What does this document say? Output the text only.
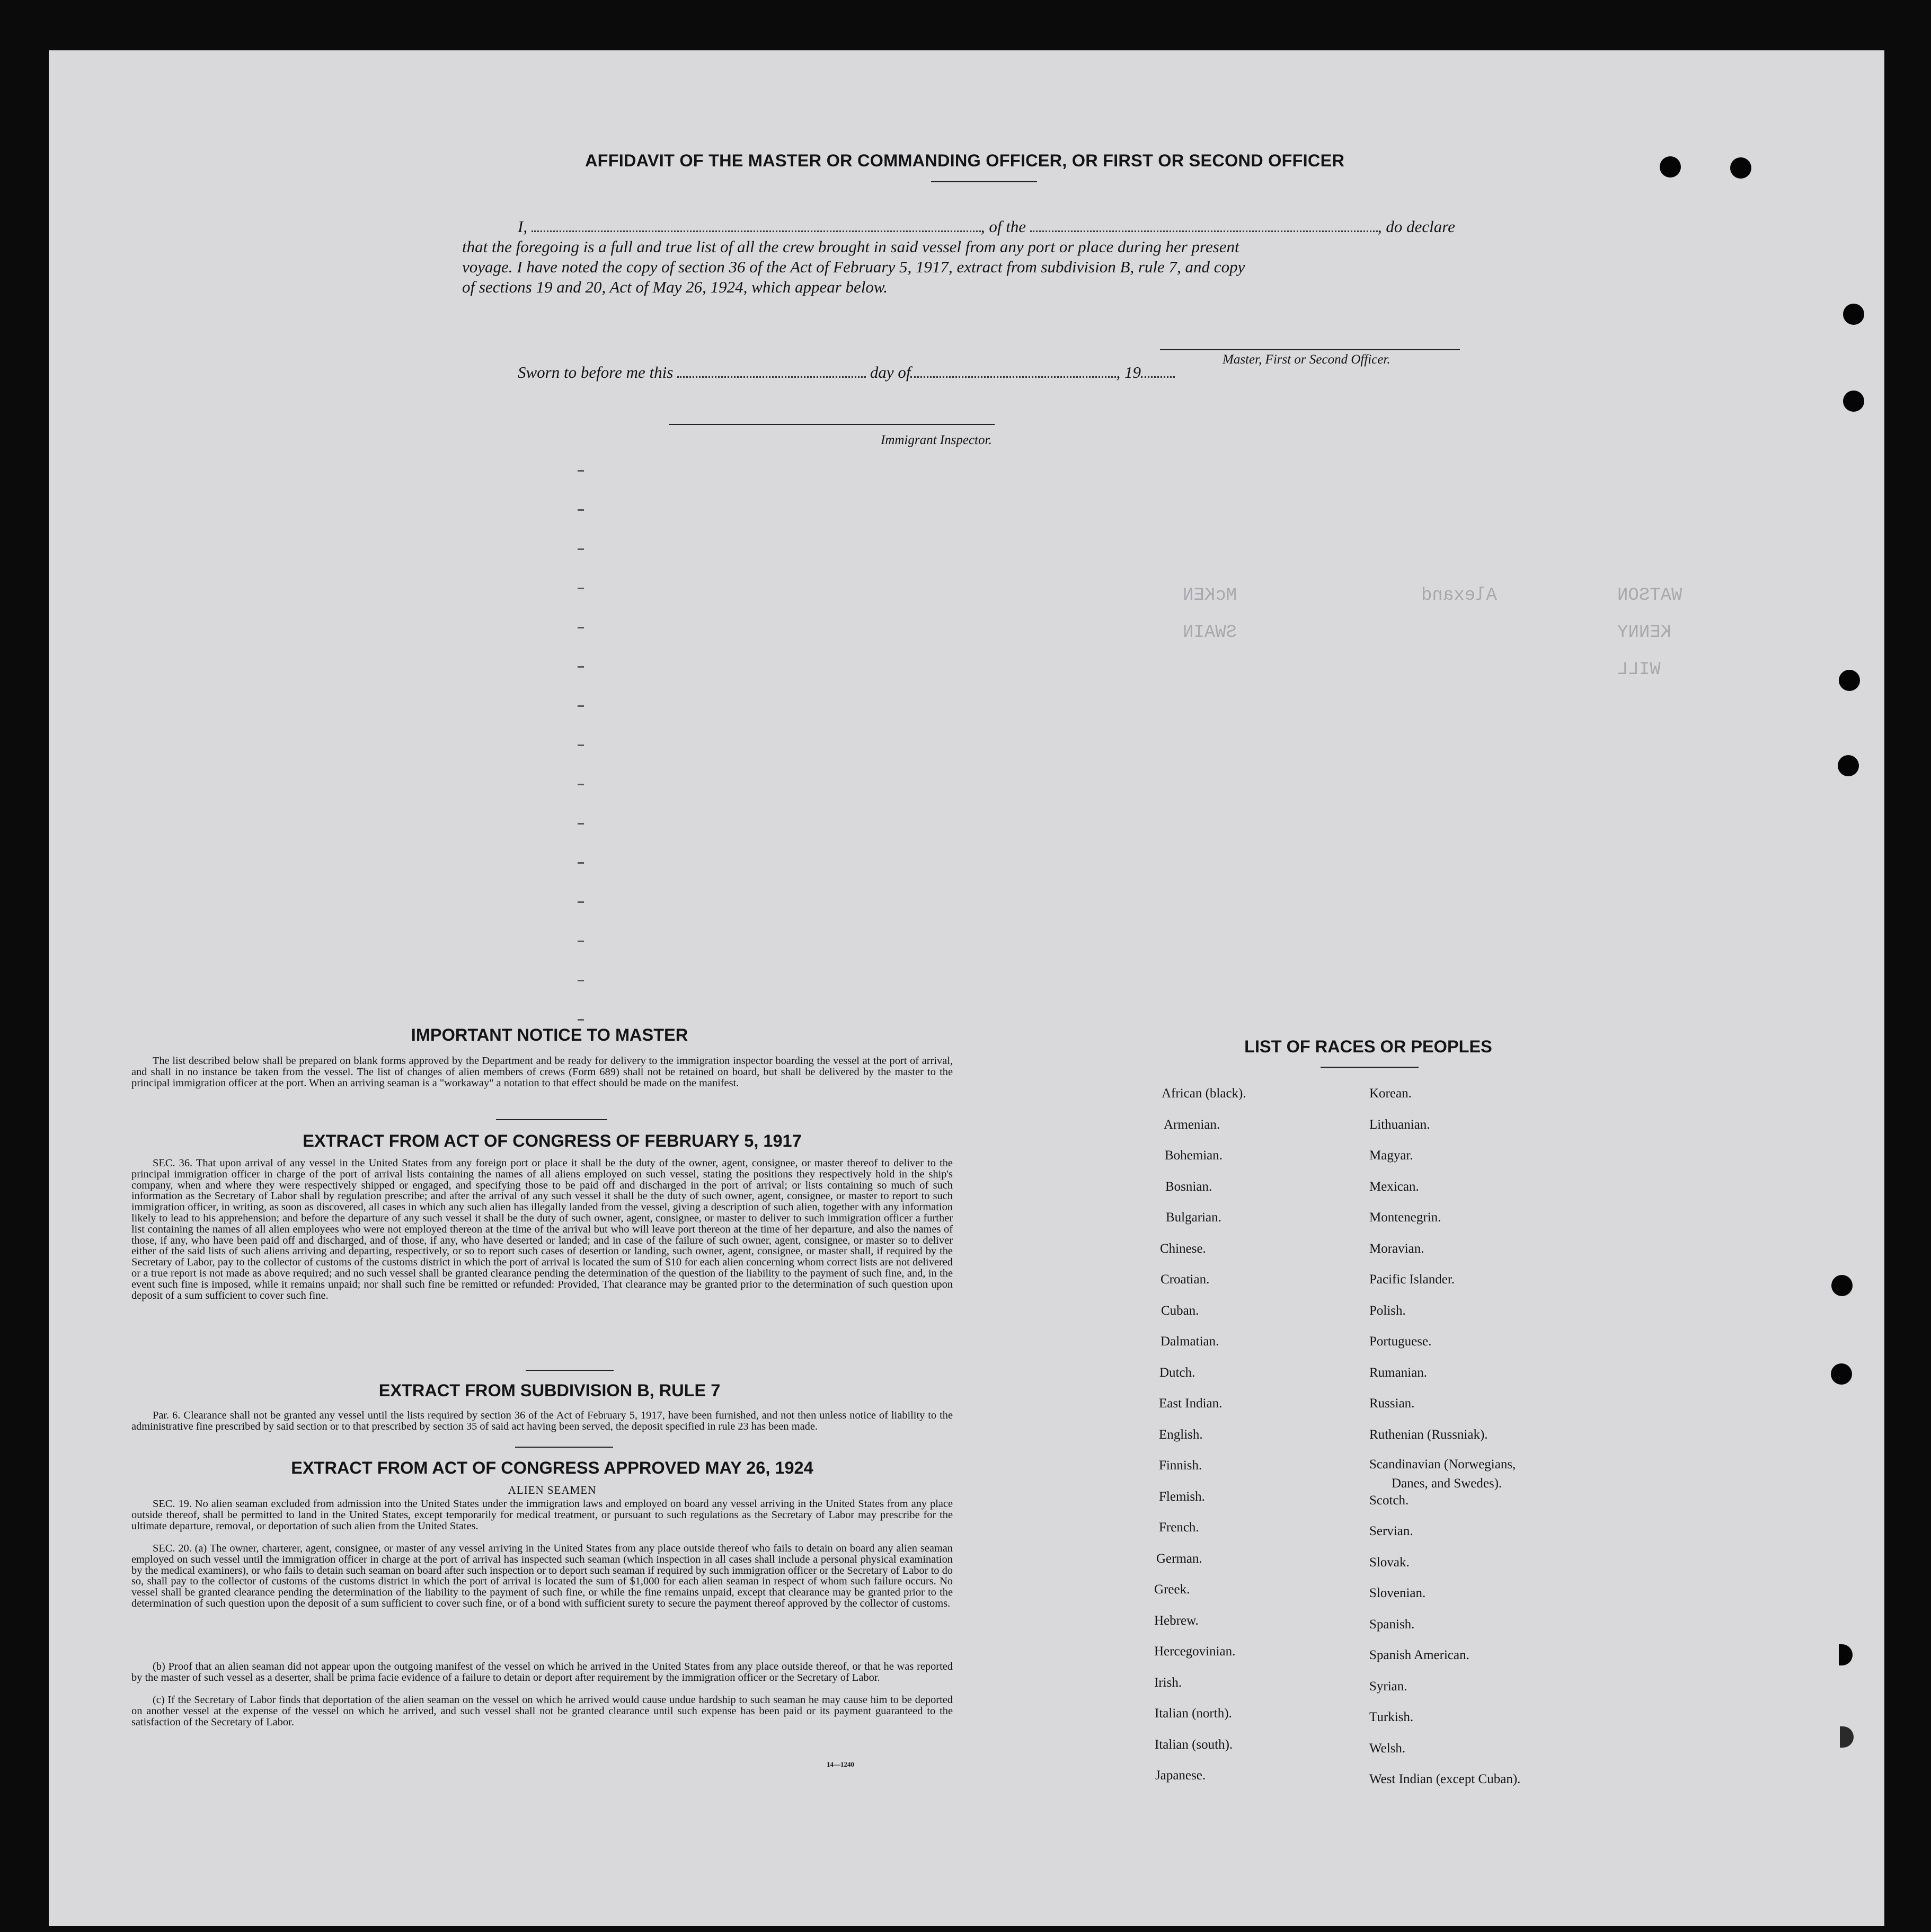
WATSON
KENNY
WILL
Alexand
McKEN
SWAIN
AFFIDAVIT OF THE MASTER OR COMMANDING OFFICER, OR FIRST OR SECOND OFFICER
I,	, of the	, do declare
that the foregoing is a full and true list of all the crew brought in said vessel from any port or place during her present
voyage. I have noted the copy of section 36 of the Act of February 5, 1917, extract from subdivision B, rule 7, and copy
of sections 19 and 20, Act of May 26, 1924, which appear below.
Master, First or Second Officer.
Sworn to before me this	day of	, 19
Immigrant Inspector.
IMPORTANT NOTICE TO MASTER
The list described below shall be prepared on blank forms approved by the Department and be ready for delivery to the immigration inspector boarding the vessel at the port of arrival, and shall in no instance be taken from the vessel. The list of changes of alien members of crews (Form 689) shall not be retained on board, but shall be delivered by the master to the principal immigration officer at the port. When an arriving seaman is a "workaway" a notation to that effect should be made on the manifest.
EXTRACT FROM ACT OF CONGRESS OF FEBRUARY 5, 1917
SEC. 36. That upon arrival of any vessel in the United States from any foreign port or place it shall be the duty of the owner, agent, consignee, or master thereof to deliver to the principal immigration officer in charge of the port of arrival lists containing the names of all aliens employed on such vessel, stating the positions they respectively hold in the ship's company, when and where they were respectively shipped or engaged, and specifying those to be paid off and discharged in the port of arrival; or lists containing so much of such information as the Secretary of Labor shall by regulation prescribe; and after the arrival of any such vessel it shall be the duty of such owner, agent, consignee, or master to report to such immigration officer, in writing, as soon as discovered, all cases in which any such alien has illegally landed from the vessel, giving a description of such alien, together with any information likely to lead to his apprehension; and before the departure of any such vessel it shall be the duty of such owner, agent, consignee, or master to deliver to such immigration officer a further list containing the names of all alien employees who were not employed thereon at the time of the arrival but who will leave port thereon at the time of her departure, and also the names of those, if any, who have been paid off and discharged, and of those, if any, who have deserted or landed; and in case of the failure of such owner, agent, consignee, or master so to deliver either of the said lists of such aliens arriving and departing, respectively, or so to report such cases of desertion or landing, such owner, agent, consignee, or master shall, if required by the Secretary of Labor, pay to the collector of customs of the customs district in which the port of arrival is located the sum of $10 for each alien concerning whom correct lists are not delivered or a true report is not made as above required; and no such vessel shall be granted clearance pending the determination of the question of the liability to the payment of such fine, and, in the event such fine is imposed, while it remains unpaid; nor shall such fine be remitted or refunded: Provided, That clearance may be granted prior to the determination of such question upon deposit of a sum sufficient to cover such fine.
EXTRACT FROM SUBDIVISION B, RULE 7
Par. 6. Clearance shall not be granted any vessel until the lists required by section 36 of the Act of February 5, 1917, have been furnished, and not then unless notice of liability to the administrative fine prescribed by said section or to that prescribed by section 35 of said act having been served, the deposit specified in rule 23 has been made.
EXTRACT FROM ACT OF CONGRESS APPROVED MAY 26, 1924
ALIEN SEAMEN
SEC. 19. No alien seaman excluded from admission into the United States under the immigration laws and employed on board any vessel arriving in the United States from any place outside thereof, shall be permitted to land in the United States, except temporarily for medical treatment, or pursuant to such regulations as the Secretary of Labor may prescribe for the ultimate departure, removal, or deportation of such alien from the United States.
SEC. 20. (a) The owner, charterer, agent, consignee, or master of any vessel arriving in the United States from any place outside thereof who fails to detain on board any alien seaman employed on such vessel until the immigration officer in charge at the port of arrival has inspected such seaman (which inspection in all cases shall include a personal physical examination by the medical examiners), or who fails to detain such seaman on board after such inspection or to deport such seaman if required by such immigration officer or the Secretary of Labor to do so, shall pay to the collector of customs of the customs district in which the port of arrival is located the sum of $1,000 for each alien seaman in respect of whom such failure occurs. No vessel shall be granted clearance pending the determination of the liability to the payment of such fine, or while the fine remains unpaid, except that clearance may be granted prior to the determination of such question upon the deposit of a sum sufficient to cover such fine, or of a bond with sufficient surety to secure the payment thereof approved by the collector of customs.
(b) Proof that an alien seaman did not appear upon the outgoing manifest of the vessel on which he arrived in the United States from any place outside thereof, or that he was reported by the master of such vessel as a deserter, shall be prima facie evidence of a failure to detain or deport after requirement by the immigration officer or the Secretary of Labor.
(c) If the Secretary of Labor finds that deportation of the alien seaman on the vessel on which he arrived would cause undue hardship to such seaman he may cause him to be deported on another vessel at the expense of the vessel on which he arrived, and such vessel shall not be granted clearance until such expense has been paid or its payment guaranteed to the satisfaction of the Secretary of Labor.
14—1240
LIST OF RACES OR PEOPLES
African (black).
Armenian.
Bohemian.
Bosnian.
Bulgarian.
Chinese.
Croatian.
Cuban.
Dalmatian.
Dutch.
East Indian.
English.
Finnish.
Flemish.
French.
German.
Greek.
Hebrew.
Hercegovinian.
Irish.
Italian (north).
Italian (south).
Japanese.
Korean.
Lithuanian.
Magyar.
Mexican.
Montenegrin.
Moravian.
Pacific Islander.
Polish.
Portuguese.
Rumanian.
Russian.
Ruthenian (Russniak).
Scandinavian (Norwegians,
Danes, and Swedes).
Scotch.
Servian.
Slovak.
Slovenian.
Spanish.
Spanish American.
Syrian.
Turkish.
Welsh.
West Indian (except Cuban).
